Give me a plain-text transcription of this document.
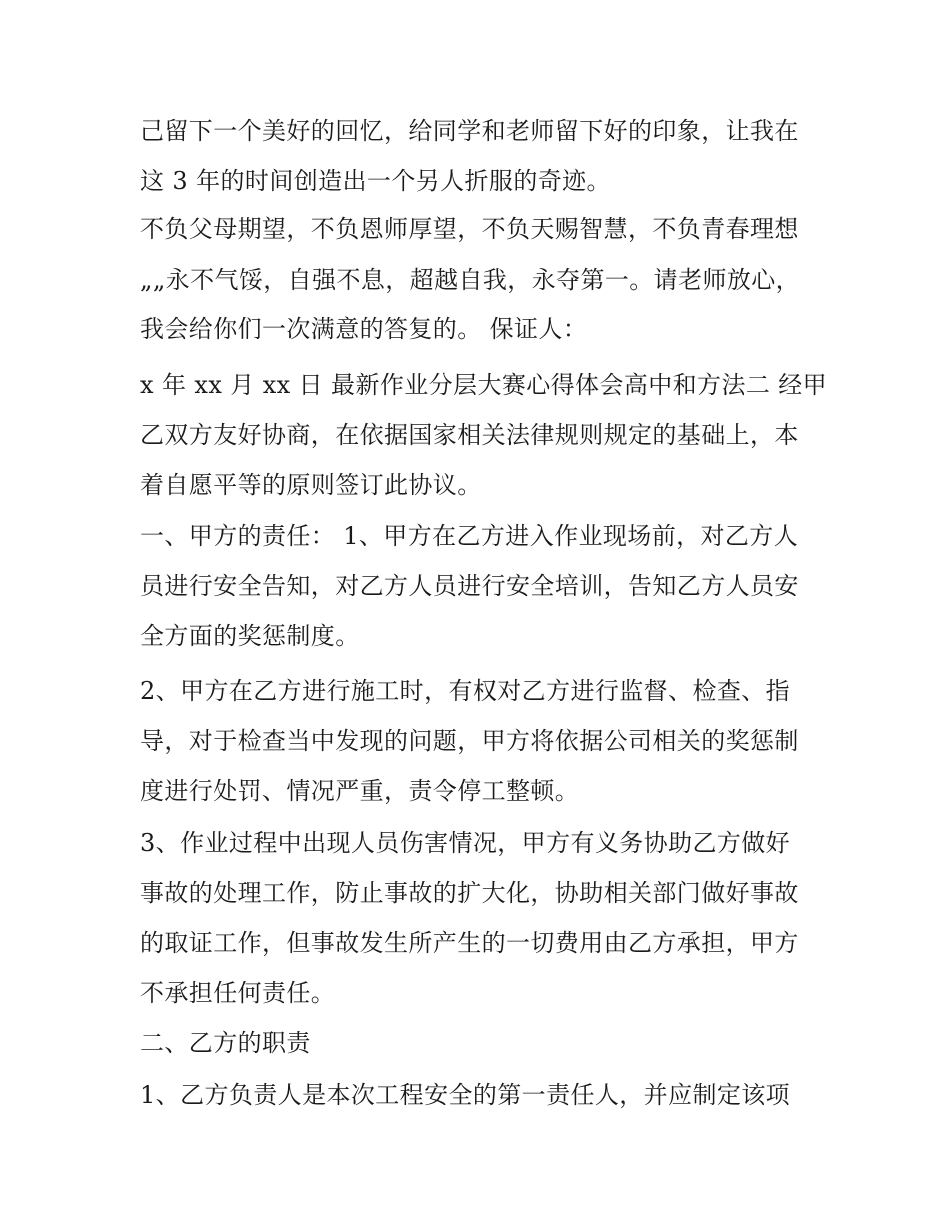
己留下一个美好的回忆，给同学和老师留下好的印象，让我在
这 3 年的时间创造出一个另人折服的奇迹。
不负父母期望，不负恩师厚望，不负天赐智慧，不负青春理想
„„永不气馁，自强不息，超越自我，永夺第一。请老师放心，
我会给你们一次满意的答复的。 保证人：
x 年 xx 月 xx 日 最新作业分层大赛心得体会高中和方法二 经甲
乙双方友好协商，在依据国家相关法律规则规定的基础上，本
着自愿平等的原则签订此协议。
一、甲方的责任： 1、甲方在乙方进入作业现场前，对乙方人
员进行安全告知，对乙方人员进行安全培训，告知乙方人员安
全方面的奖惩制度。
2、甲方在乙方进行施工时，有权对乙方进行监督、检查、指
导，对于检查当中发现的问题，甲方将依据公司相关的奖惩制
度进行处罚、情况严重，责令停工整顿。
3、作业过程中出现人员伤害情况，甲方有义务协助乙方做好
事故的处理工作，防止事故的扩大化，协助相关部门做好事故
的取证工作，但事故发生所产生的一切费用由乙方承担，甲方
不承担任何责任。
二、乙方的职责
1、乙方负责人是本次工程安全的第一责任人，并应制定该项
